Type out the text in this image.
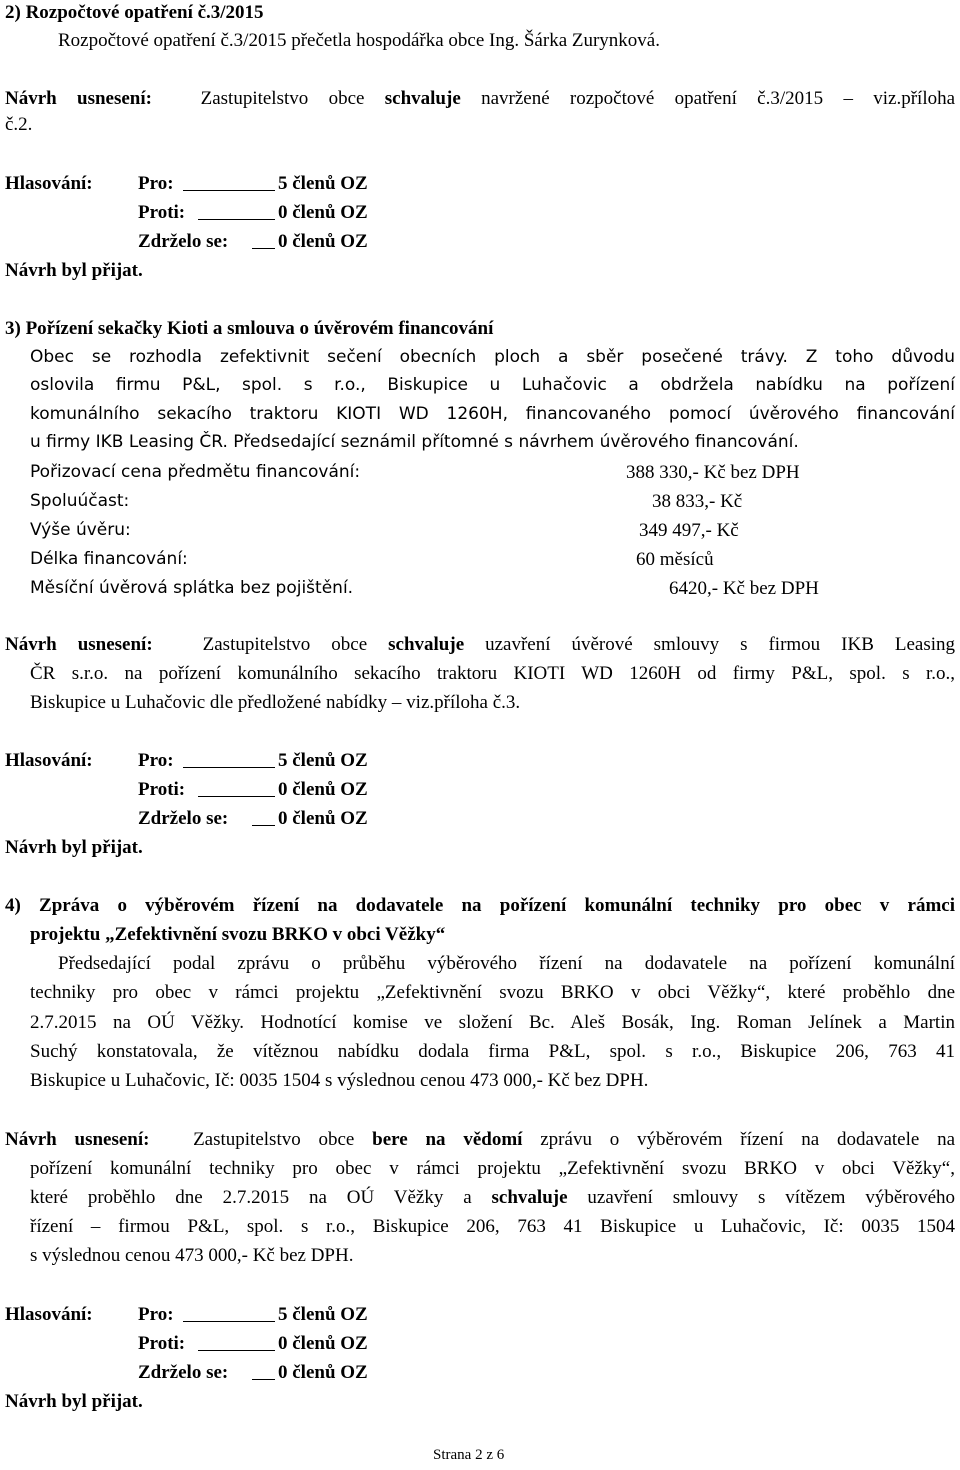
2) Rozpočtové opatření č.3/2015
Rozpočtové opatření č.3/2015 přečetla hospodářka obce Ing. Šárka Zurynková.
Návrh usnesení:	Zastupitelstvo obce schvaluje navržené rozpočtové opatření č.3/2015 – viz.příloha
č.2.
Hlasování: Pro:	5 členů OZ
Proti:	0 členů OZ
Zdrželo se:	0 členů OZ
Návrh byl přijat.
3) Pořízení sekačky Kioti a smlouva o úvěrovém financování
Obec se rozhodla zefektivnit sečení obecních ploch a sběr posečené trávy. Z toho důvodu
oslovila firmu P&L, spol. s r.o., Biskupice u Luhačovic a obdržela nabídku na pořízení
komunálního sekacího traktoru KIOTI WD 1260H, financovaného pomocí úvěrového financování
u firmy IKB Leasing ČR. Předsedající seznámil přítomné s návrhem úvěrového financování.
Pořizovací cena předmětu financování:	388 330,- Kč bez DPH
Spoluúčast:	38 833,- Kč
Výše úvěru:	349 497,- Kč
Délka financování:	60 měsíců
Měsíční úvěrová splátka bez pojištění.	6420,- Kč bez DPH
Návrh usnesení:	Zastupitelstvo obce schvaluje uzavření úvěrové smlouvy s firmou IKB Leasing
ČR s.r.o. na pořízení komunálního sekacího traktoru KIOTI WD 1260H od firmy P&L, spol. s r.o.,
Biskupice u Luhačovic dle předložené nabídky – viz.příloha č.3.
Hlasování: Pro:	5 členů OZ
Proti:	0 členů OZ
Zdrželo se:	0 členů OZ
Návrh byl přijat.
4) Zpráva o výběrovém řízení na dodavatele na pořízení komunální techniky pro obec v rámci
projektu „Zefektivnění svozu BRKO v obci Věžky“
Předsedající podal zprávu o průběhu výběrového řízení na dodavatele na pořízení komunální
techniky pro obec v rámci projektu „Zefektivnění svozu BRKO v obci Věžky“, které proběhlo dne
2.7.2015 na OÚ Věžky. Hodnotící komise ve složení Bc. Aleš Bosák, Ing. Roman Jelínek a Martin
Suchý konstatovala, že vítěznou nabídku dodala firma P&L, spol. s r.o., Biskupice 206, 763 41
Biskupice u Luhačovic, Ič: 0035 1504 s výslednou cenou 473 000,- Kč bez DPH.
Návrh usnesení: Zastupitelstvo obce bere na vědomí zprávu o výběrovém řízení na dodavatele na
pořízení komunální techniky pro obec v rámci projektu „Zefektivnění svozu BRKO v obci Věžky“,
které proběhlo dne 2.7.2015 na OÚ Věžky a schvaluje uzavření smlouvy s vítězem výběrového
řízení – firmou P&L, spol. s r.o., Biskupice 206, 763 41 Biskupice u Luhačovic, Ič: 0035 1504
s výslednou cenou 473 000,- Kč bez DPH.
Hlasování: Pro:	5 členů OZ
Proti:	0 členů OZ
Zdrželo se:	0 členů OZ
Návrh byl přijat.
Strana 2 z 6
